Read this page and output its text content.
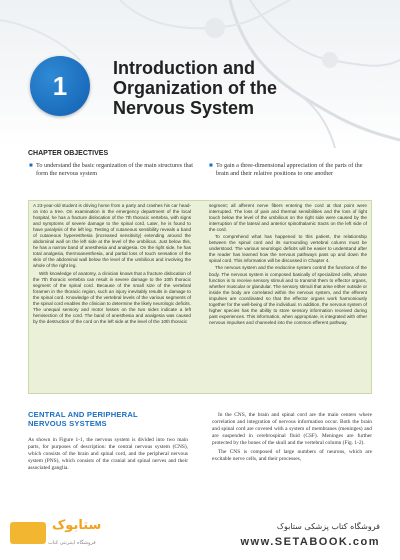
1
Introduction and
Organization of the
Nervous System
CHAPTER OBJECTIVES
■ To understand the basic organization of the main structures that form the nervous system
■ To gain a three-dimensional appreciation of the parts of the brain and their relative positions to one another

A 23-year-old student is driving home from a party and crashes his car head-on into a tree. On examination in the emergency department of the local hospital, he has a fracture dislocation of the 7th thoracic vertebra, with signs and symptoms of severe damage to the spinal cord. Later, he is found to have paralysis of the left leg. Testing of cutaneous sensibility reveals a band of cutaneous hyperesthesia (increased sensitivity) extending around the abdominal wall on the left side at the level of the umbilicus. Just below this, he has a narrow band of anesthesia and analgesia. On the right side, he has total analgesia, thermoanesthesia, and partial loss of touch sensation of the skin of the abdominal wall below the level of the umbilicus and involving the whole of the right leg.

With knowledge of anatomy, a clinician knows that a fracture dislocation of the 7th thoracic vertebra can result in severe damage to the 10th thoracic segment of the spinal cord. Because of the small size of the vertebral foramen in the thoracic region, such an injury inevitably results in damage to the spinal cord. Knowledge of the vertebral levels of the various segments of the spinal cord enables the clinician to determine the likely neurologic deficits. The unequal sensory and motor losses on the two sides indicate a left hemisection of the cord. The band of anesthesia and analgesia was caused by the destruction of the cord on the left side at the level of the 10th thoracic

segment; all afferent nerve fibers entering the cord at that point were interrupted. The loss of pain and thermal sensibilities and the loss of light touch below the level of the umbilicus on the right side were caused by the interruption of the lateral and anterior spinothalamic tracts on the left side of the cord.

To comprehend what has happened to this patient, the relationship between the spinal cord and its surrounding vertebral column must be understood. The various neurologic deficits will be easier to understand after the reader has learned how the nervous pathways pass up and down the spinal cord. This information will be discussed in Chapter 4.

The nervous system and the endocrine system control the functions of the body. The nervous system is composed basically of specialized cells, whose function is to receive sensory stimuli and to transmit them to effector organs, whether muscular or glandular. The sensory stimuli that arise either outside or inside the body are correlated within the nervous system, and the efferent impulses are coordinated so that the effector organs work harmoniously together for the well-being of the individual. In addition, the nervous system of higher species has the ability to store sensory information received during past experiences. This information, when appropriate, is integrated with other nervous impulses and channeled into the common efferent pathway.

CENTRAL AND PERIPHERAL
NERVOUS SYSTEMS

As shown in Figure 1-1, the nervous system is divided into two main parts, for purposes of description: the central nervous system (CNS), which consists of the brain and spinal cord, and the peripheral nervous system (PNS), which consists of the cranial and spinal nerves and their associated ganglia.

In the CNS, the brain and spinal cord are the main centers where correlation and integration of nervous information occur. Both the brain and spinal cord are covered with a system of membranes (meninges) and are suspended in cerebrospinal fluid (CSF). Meninges are further protected by the bones of the skull and the vertebral column (Fig. 1-2).

The CNS is composed of large numbers of neurons, which are excitable nerve cells, and their processes,

ستابوک
فروشگاه اینترنتی کتاب
فروشگاه کتاب پزشکی ستابوک
www.SETABOOK.com
